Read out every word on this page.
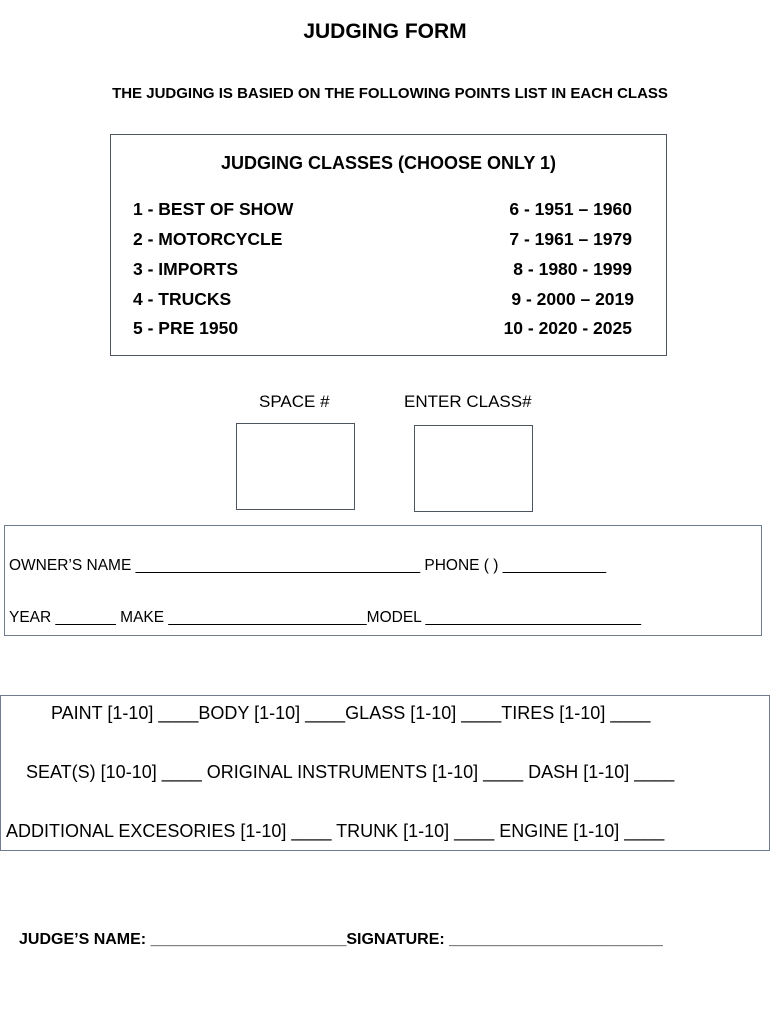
JUDGING FORM
THE JUDGING IS BASIED ON THE FOLLOWING POINTS LIST IN EACH CLASS
JUDGING CLASSES (CHOOSE ONLY 1)
1 - BEST OF SHOW
2 - MOTORCYCLE
3 - IMPORTS
4 - TRUCKS
5 - PRE 1950
6 - 1951 – 1960
7 - 1961 – 1979
8 - 1980 - 1999
9 - 2000 – 2019
10 - 2020 - 2025
SPACE #	ENTER CLASS#
OWNER’S NAME _________________________________ PHONE ( ) ____________
YEAR _______ MAKE _______________________MODEL _________________________
PAINT [1-10] ____BODY [1-10] ____GLASS [1-10] ____TIRES [1-10] ____
SEAT(S) [10-10] ____ ORIGINAL INSTRUMENTS [1-10] ____ DASH [1-10] ____
ADDITIONAL EXCESORIES [1-10] ____ TRUNK [1-10] ____ ENGINE [1-10] ____
JUDGE’S NAME: ______________________SIGNATURE: ________________________
